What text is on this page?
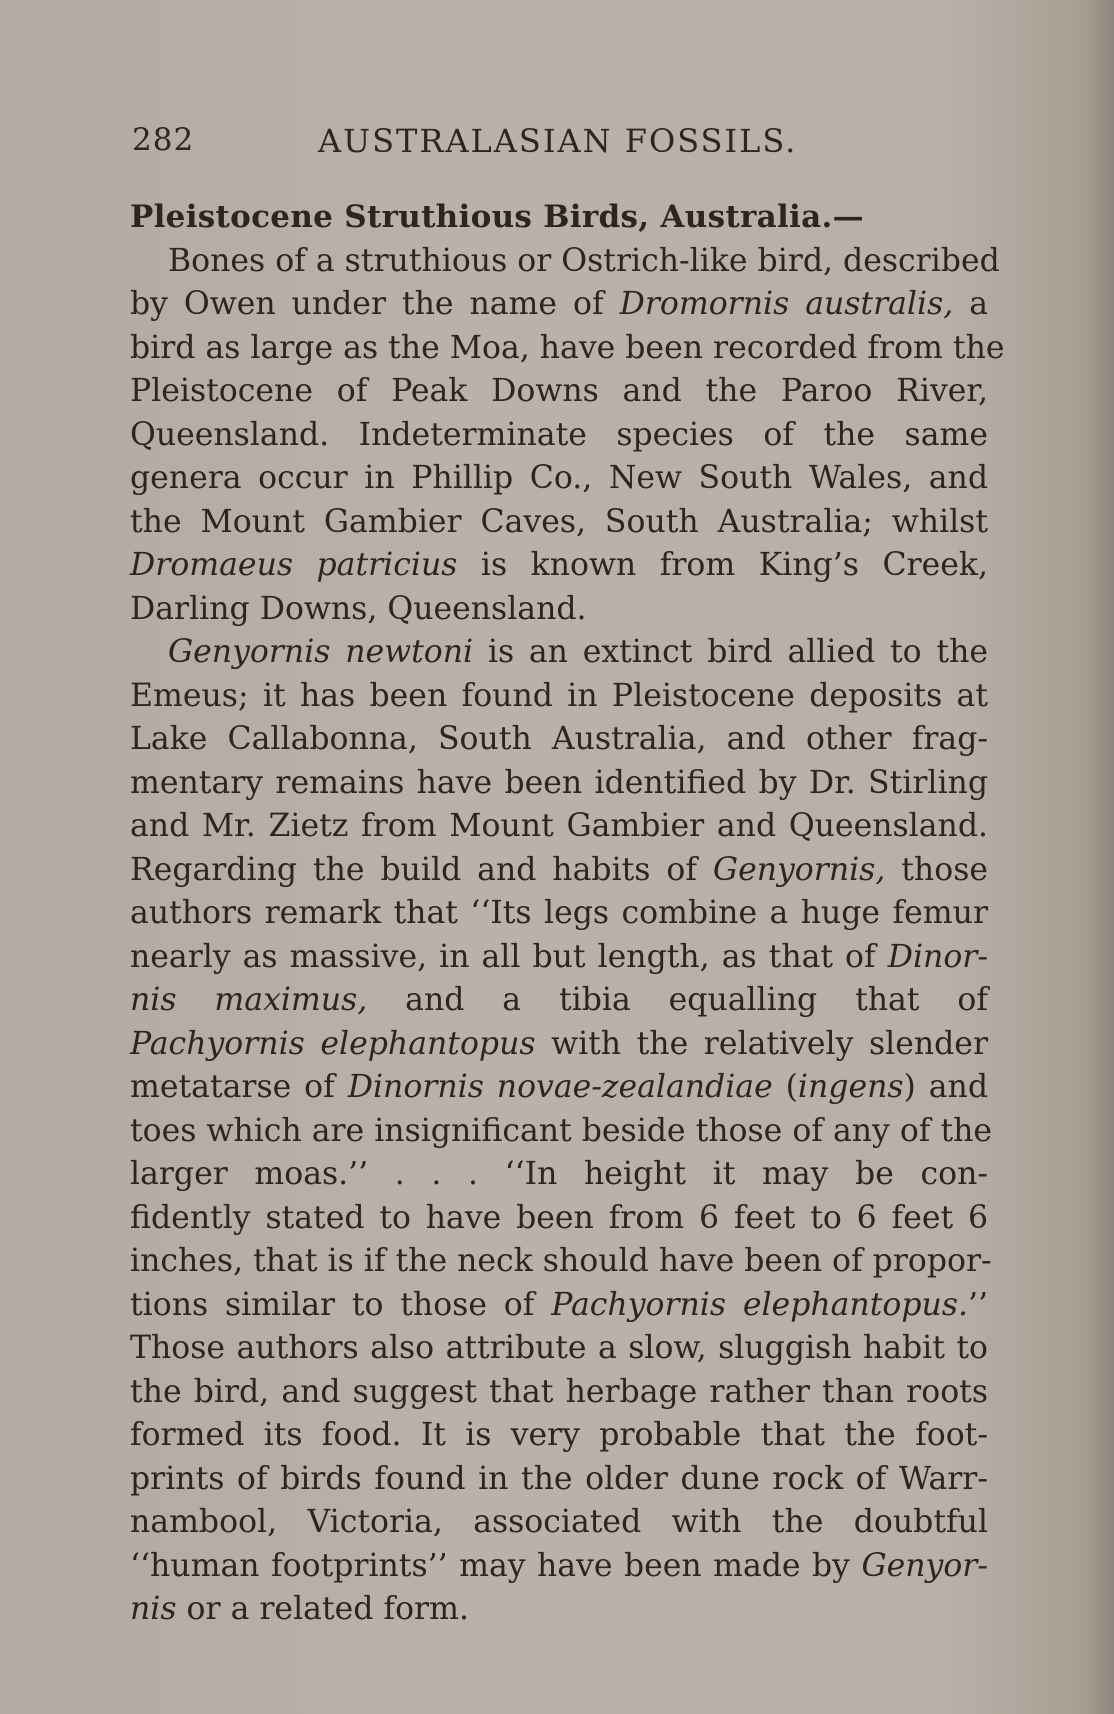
282	AUSTRALASIAN FOSSILS.
Pleistocene Struthious Birds, Australia.—
Bones of a struthious or Ostrich-like bird, described
by Owen under the name of Dromornis australis, a
bird as large as the Moa, have been recorded from the
Pleistocene of Peak Downs and the Paroo River,
Queensland. Indeterminate species of the same
genera occur in Phillip Co., New South Wales, and
the Mount Gambier Caves, South Australia; whilst
Dromaeus patricius is known from King’s Creek,
Darling Downs, Queensland.
Genyornis newtoni is an extinct bird allied to the
Emeus; it has been found in Pleistocene deposits at
Lake Callabonna, South Australia, and other frag-
mentary remains have been identified by Dr. Stirling
and Mr. Zietz from Mount Gambier and Queensland.
Regarding the build and habits of Genyornis, those
authors remark that ‘‘Its legs combine a huge femur
nearly as massive, in all but length, as that of Dinor-
nis maximus, and a tibia equalling that of
Pachyornis elephantopus with the relatively slender
metatarse of Dinornis novae-zealandiae (ingens) and
toes which are insignificant beside those of any of the
larger moas.’’ . . . ‘‘In height it may be con-
fidently stated to have been from 6 feet to 6 feet 6
inches, that is if the neck should have been of propor-
tions similar to those of Pachyornis elephantopus.’’
Those authors also attribute a slow, sluggish habit to
the bird, and suggest that herbage rather than roots
formed its food. It is very probable that the foot-
prints of birds found in the older dune rock of Warr-
nambool, Victoria, associated with the doubtful
‘‘human footprints’’ may have been made by Genyor-
nis or a related form.
